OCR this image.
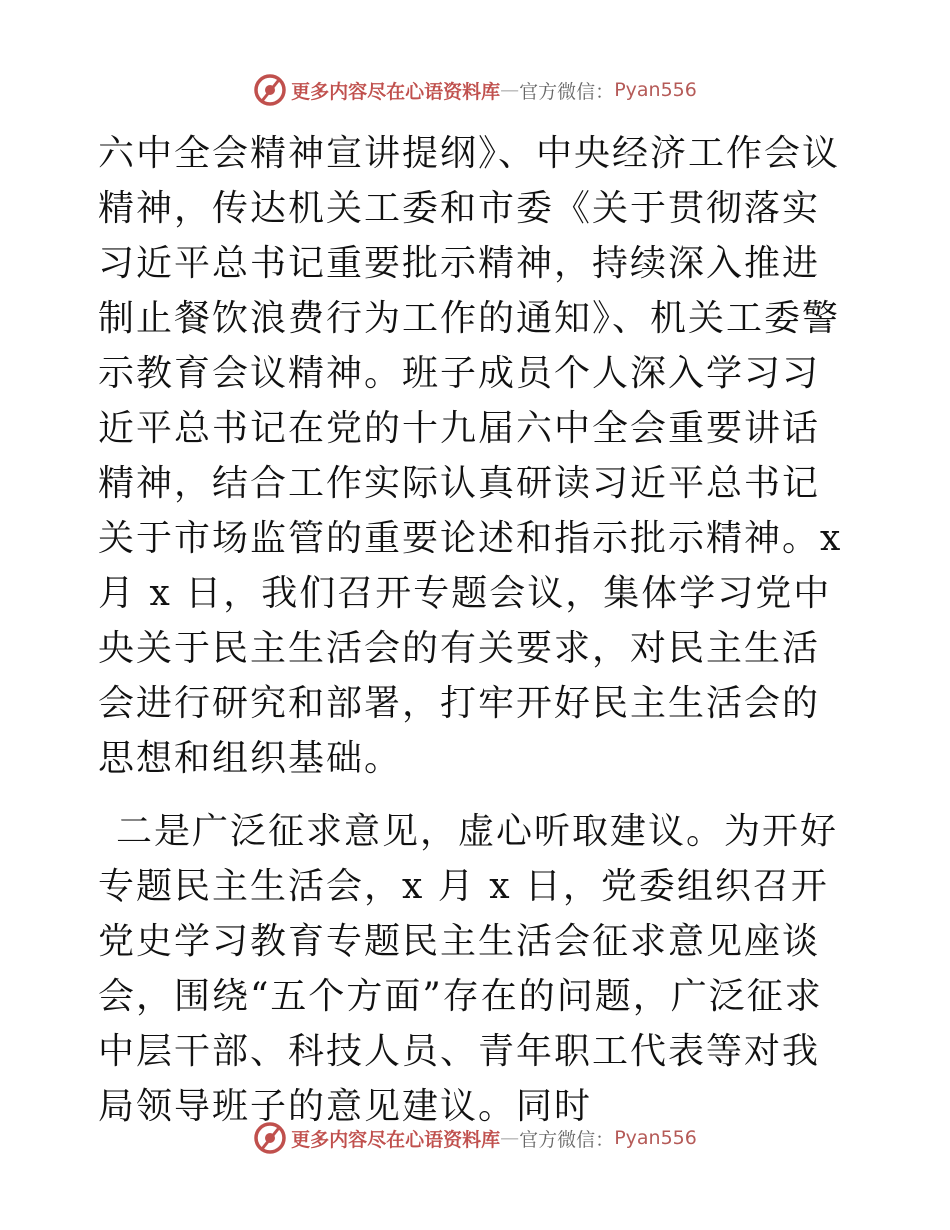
更多内容尽在心语资料库 — 官方微信： Pyan556

六中全会精神宣讲提纲》、中央经济工作会议精神，传达机关工委和市委《关于贯彻落实习近平总书记重要批示精神，持续深入推进制止餐饮浪费行为工作的通知》、机关工委警示教育会议精神。班子成员个人深入学习习近平总书记在党的十九届六中全会重要讲话精神，结合工作实际认真研读习近平总书记关于市场监管的重要论述和指示批示精神。x 月 x 日，我们召开专题会议，集体学习党中央关于民主生活会的有关要求，对民主生活会进行研究和部署，打牢开好民主生活会的思想和组织基础。

二是广泛征求意见，虚心听取建议。为开好专题民主生活会，x 月 x 日，党委组织召开党史学习教育专题民主生活会征求意见座谈会，围绕“五个方面”存在的问题，广泛征求中层干部、科技人员、青年职工代表等对我局领导班子的意见建议。同时

更多内容尽在心语资料库 — 官方微信： Pyan556
